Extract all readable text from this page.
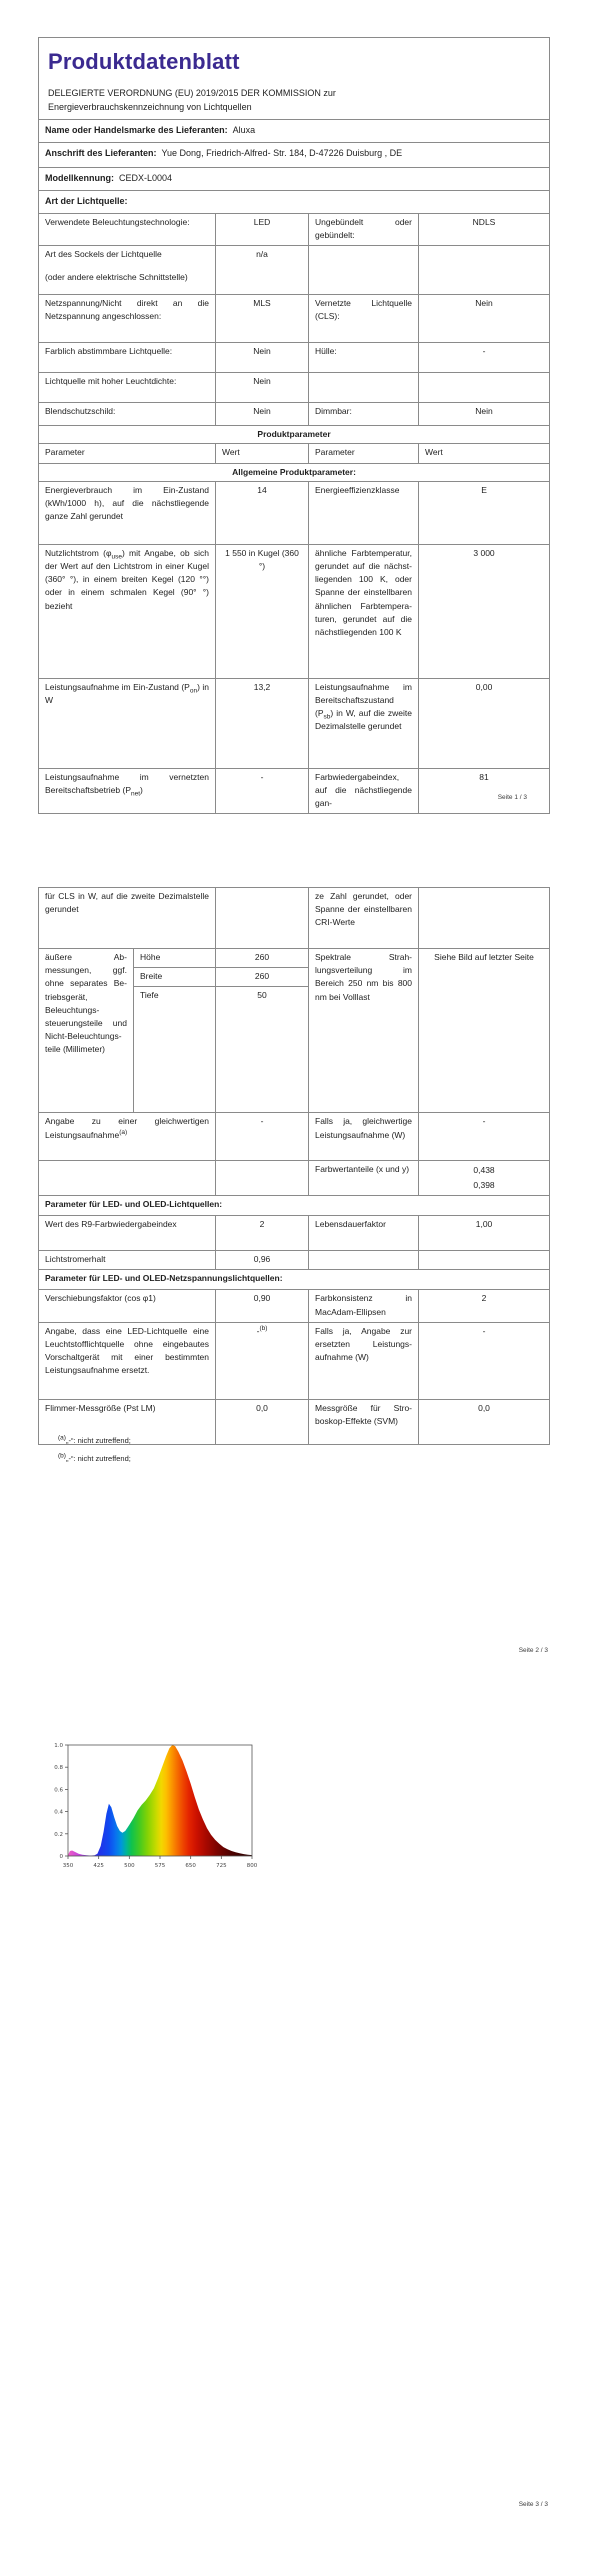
Produktdatenblatt
DELEGIERTE VERORDNUNG (EU) 2019/2015 DER KOMMISSION zur
Energieverbrauchskennzeichnung von Lichtquellen			

Name oder Handelsmarke des Lieferanten: Aluxa			
Anschrift des Lieferanten: Yue Dong, Friedrich-Alfred- Str. 184, D-47226 Duisburg , DE			
Modellkennung: CEDX-L0004			
Art der Lichtquelle:			
Verwendete Beleuchtungstechnologie:	LED	Ungebündelt oder gebündelt:	NDLS

Art des Sockels der Lichtquelle
(oder andere elektrische Schnittstelle)	n/a		
Netzspannung/Nicht direkt an die Netzspannung angeschlossen:	MLS	Vernetzte Lichtquelle (CLS):	Nein
Farblich abstimmbare Lichtquelle:	Nein	Hülle:	-
Lichtquelle mit hoher Leuchtdichte:	Nein		
Blendschutzschild:	Nein	Dimmbar:	Nein
Produktparameter			
Parameter	Wert	Parameter	Wert
Allgemeine Produktparameter:			
Energieverbrauch im Ein-Zustand (kWh/1000 h), auf die nächstliegende ganze Zahl gerundet	14	Energieeffizienzklasse	E
Nutzlichtstrom $(\varphi_{use})$ mit Angabe, ob sich der Wert auf den Lichtstrom in einer Kugel (360° °), in einem breiten Kegel (120 °°) oder in einem schmalen Kegel (90° °) bezieht	1 550 in Kugel (360 °)	ähnliche Farbtemperatur, gerundet auf die nächstliegenden 100 K, oder Spanne der einstellbaren ähnlichen Farbtemperaturen, gerundet auf die nächstliegenden 100 K	3 000
Leistungsaufnahme im Ein-Zustand $(P_{on})$ in W	13,2	Leistungsaufnahme im Bereitschaftszustand $(P_{sb})$ in W, auf die zweite Dezimalstelle gerundet	0,00
Leistungsaufnahme im vernetzten Bereitschaftsbetrieb $(P_{net})$	-	Farbwiedergabeindex, auf die nächstliegende gan-	81
Seite 1 / 3
für CLS in W, auf die zweite Dezimalstelle gerundet			ze Zahl gerundet, oder Spanne der einstellbaren CRI-Werte	
äußere Abmessungen, ggf. ohne separates Betriebsgerät, Beleuchtungssteuerungsteile und Nicht-Beleuchtungsteile (Millimeter)	Höhe	260	Spektrale Strahlungsverteilung im Bereich 250 nm bis 800 nm bei Volllast	Siehe Bild auf letzter Seite
	Breite	260		
	Tiefe	50		
Angabe zu einer gleichwertigen Leistungsaufnahme$^{(a)}$		-	Falls ja, gleichwertige Leistungsaufnahme (W)	-
			Farbwertanteile (x und y)	0,438
0,398

Parameter für LED- und OLED-Lichtquellen:				
Wert des R9-Farbwiedergabeindex		2	Lebensdauerfaktor	1,00
Lichtstromerhalt		0,96		
Parameter für LED- und OLED-Netzspannungslichtquellen:				
Verschiebungsfaktor (cos φ1)		0,90	Farbkonsistenz in MacAdam-Ellipsen	2
Angabe, dass eine LED-Lichtquelle eine Leuchtstofflichtquelle ohne eingebautes Vorschaltgerät mit einer bestimmten Leistungsaufnahme ersetzt.		-$^{(b)}$	Falls ja, Angabe zur ersetzten Leistungsaufnahme (W)	-
Flimmer-Messgröße (Pst LM)		0,0	Messgröße für Stroboskop-Effekte (SVM)	0,0
$^{(a)}$„-“: nicht zutreffend;
$^{(b)}$„-“: nicht zutreffend;
Seite 2 / 3
350	425	500	575	650	725	800
0
0.2
0.4
0.6
0.8
1.0
Seite 3 / 3
